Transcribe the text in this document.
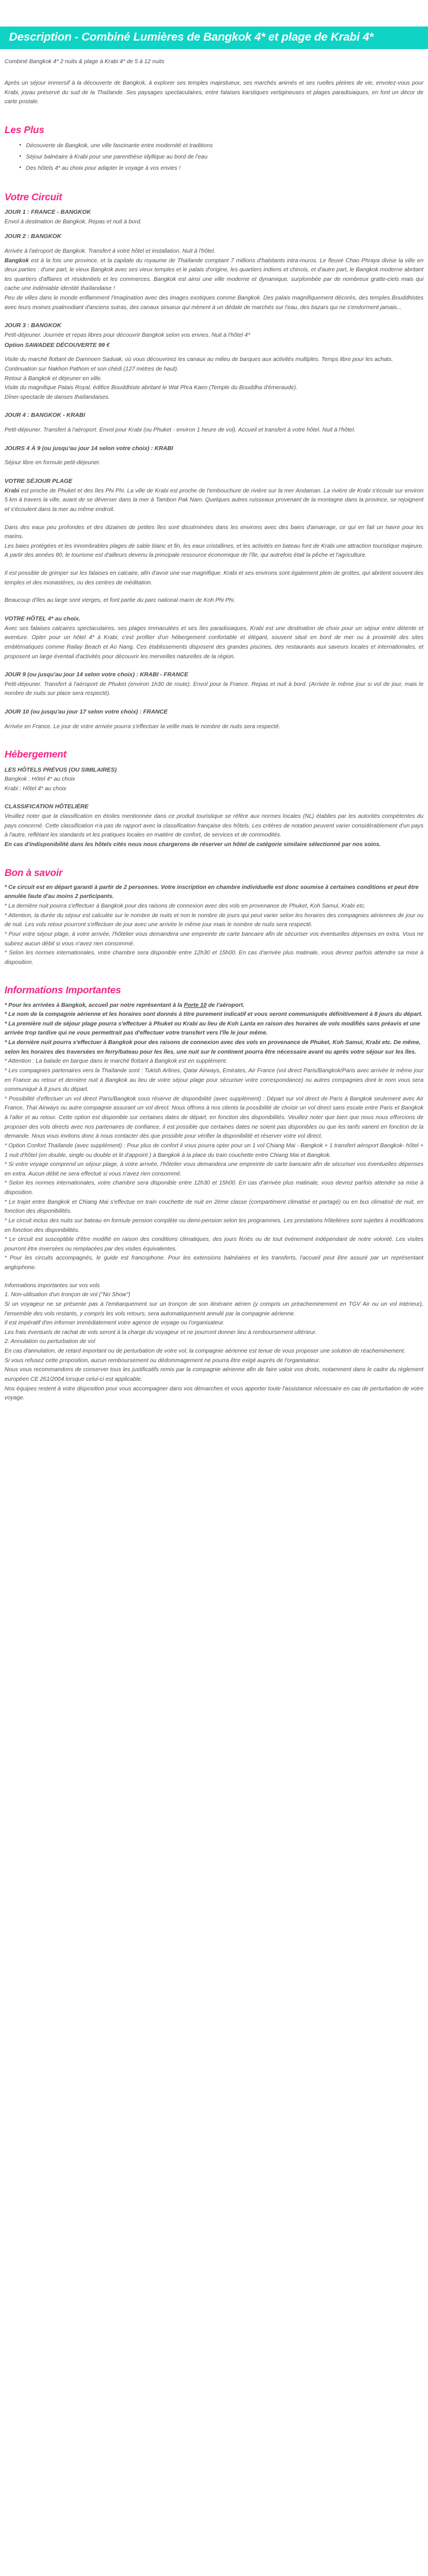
Description - Combiné Lumières de Bangkok 4* et plage de Krabi 4*

Combiné Bangkok 4* 2 nuits & plage à Krabi 4* de 5 à 12 nuits

Après un séjour immersif à la découverte de Bangkok, à explorer ses temples majestueux, ses marchés animés et ses ruelles pleines de vie, envolez-vous pour Krabi, joyau préservé du sud de la Thaïlande. Ses paysages spectaculaires, entre falaises karstiques vertigineuses et plages paradisiaques, en font un décor de carte postale.

Les Plus
• Découverte de Bangkok, une ville fascinante entre modernité et traditions
• Séjour balnéaire à Krabi pour une parenthèse idyllique au bord de l'eau
• Des hôtels 4* au choix pour adapter le voyage à vos envies !
Votre Circuit

JOUR 1 : FRANCE - BANGKOK

Envol à destination de Bangkok. Repas et nuit à bord.

JOUR 2 : BANGKOK

Arrivée à l'aéroport de Bangkok. Transfert à votre hôtel et installation. Nuit à l'hôtel.

Bangkok est à la fois une province, et la capitale du royaume de Thaïlande comptant 7 millions d'habitants intra-muros. Le fleuve Chao Phraya divise la ville en deux parties : d'une part, le vieux Bangkok avec ses vieux temples et le palais d'origine, les quartiers indiens et chinois, et d'autre part, le Bangkok moderne abritant les quartiers d'affaires et résidentiels et les commerces. Bangkok est ainsi une ville moderne et dynamique, surplombée par de nombreux gratte-ciels mais qui cache une indéniable identité thaïlandaise !

Peu de villes dans le monde enflamment l'imagination avec des images exotiques comme Bangkok. Des palais magnifiquement décorés, des temples Bouddhistes avec leurs moines psalmodiant d'anciens sutras, des canaux sinueux qui mènent à un dédale de marchés sur l'eau, des bazars qui ne s'endorment jamais...

JOUR 3 : BANGKOK

Petit-déjeuner. Journée et repas libres pour découvrir Bangkok selon vos envies. Nuit à l'hôtel 4*

Option SAWADEE DÉCOUVERTE 99 €

Visite du marché flottant de Damnoen Saduak, où vous découvrirez les canaux au milieu de barques aux activités multiples. Temps libre pour les achats.

Continuation sur Nakhon Pathom et son chédi (127 mètres de haut).

Retour à Bangkok et déjeuner en ville.

Visite du magnifique Palais Royal, édifice Bouddhiste abritant le Wat Phra Kaeo (Temple du Bouddha d'émeraude).

Dîner-spectacle de danses thaïlandaises.

JOUR 4 : BANGKOK - KRABI

Petit-déjeuner. Transfert à l'aéroport. Envol pour Krabi (ou Phuket - environ 1 heure de vol). Accueil et transfert à votre hôtel. Nuit à l'hôtel.

JOURS 4 À 9 (ou jusqu'au jour 14 selon votre choix) : KRABI

Séjour libre en formule petit-déjeuner.

VOTRE SÉJOUR PLAGE

Krabi est proche de Phuket et des îles Phi Phi. La ville de Krabi est proche de l'embouchure de rivière sur la mer Andaman. La rivière de Krabi s'écoule sur environ 5 km à travers la ville, avant de se déverser dans la mer à Tambon Pak Nam. Quelques autres ruisseaux provenant de la montagne dans la province, se rejoignent et s'écoulent dans la mer au même endroit.

Dans des eaux peu profondes et des dizaines de petites îles sont disséminées dans les environs avec des baies d'amarrage, ce qui en fait un havre pour les marins.

Les baies protégées et les innombrables plages de sable blanc et fin, les eaux cristallines, et les activités en bateau font de Krabi une attraction touristique majeure. A partir des années 80, le tourisme est d'ailleurs devenu la principale ressource économique de l'île, qui autrefois était la pêche et l'agriculture.

Il est possible de grimper sur les falaises en calcaire, afin d'avoir une vue magnifique. Krabi et ses environs sont également plein de grottes, qui abritent souvent des temples et des monastères, ou des centres de méditation.

Beaucoup d'îles au large sont vierges, et font partie du parc national marin de Koh Phi Phi.

VOTRE HÔTEL 4* au choix.

Avec ses falaises calcaires spectaculaires, ses plages immaculées et ses îles paradisiaques, Krabi est une destination de choix pour un séjour entre détente et aventure. Opter pour un hôtel 4* à Krabi, c'est profiter d'un hébergement confortable et élégant, souvent situé en bord de mer ou à proximité des sites emblématiques comme Railay Beach et Ao Nang. Ces établissements disposent des grandes piscines, des restaurants aux saveurs locales et internationales, et proposent un large éventail d'activités pour découvrir les merveilles naturelles de la région.

JOUR 9 (ou jusqu'au jour 14 selon votre choix) : KRABI - FRANCE

Petit-déjeuner. Transfert à l'aéroport de Phuket (environ 1h30 de route). Envol pour la France. Repas et nuit à bord. (Arrivée le même jour si vol de jour, mais le nombre de nuits sur place sera respecté).

JOUR 10 (ou jusqu'au jour 17 selon votre choix) : FRANCE

Arrivée en France. Le jour de votre arrivée pourra s'effectuer la veille mais le nombre de nuits sera respecté.

Hébergement

LES HÔTELS PRÉVUS (OU SIMILAIRES)

Bangkok : Hôtel 4* au choix

Krabi : Hôtel 4* au choix

CLASSIFICATION HÔTELIÈRE

Veuillez noter que la classification en étoiles mentionnée dans ce produit touristique se réfère aux normes locales (NL) établies par les autorités compétentes du pays concerné. Cette classification n'a pas de rapport avec la classification française des hôtels. Les critères de notation peuvent varier considérablement d'un pays à l'autre, reflétant les standards et les pratiques locales en matière de confort, de services et de commodités.

En cas d'indisponibilité dans les hôtels cités nous nous chargerons de réserver un hôtel de catégorie similaire sélectionné par nos soins.

Bon à savoir

* Ce circuit est en départ garanti à partir de 2 personnes. Votre inscription en chambre individuelle est donc soumise à certaines conditions et peut être annulée faute d'au moins 2 participants.

* La dernière nuit pourra s'effectuer à Bangkok pour des raisons de connexion avec des vols en provenance de Phuket, Koh Samui, Krabi etc.

* Attention, la durée du séjour est calculée sur le nombre de nuits et non le nombre de jours qui peut varier selon les horaires des compagnies aériennes de jour ou de nuit. Les vols retour pourront s'effectuer de jour avec une arrivée le même jour mais le nombre de nuits sera respecté.

* Pour votre séjour plage, à votre arrivée, l'hôtelier vous demandera une empreinte de carte bancaire afin de sécuriser vos éventuelles dépenses en extra. Vous ne subirez aucun débit si vous n'avez rien consommé.

* Selon les normes internationales, votre chambre sera disponible entre 12h30 et 15h00. En cas d'arrivée plus matinale, vous devrez parfois attendre sa mise à disposition.

Informations Importantes

* Pour les arrivées à Bangkok, accueil par notre représentant à la Porte 10 de l'aéroport.

* Le nom de la compagnie aérienne et les horaires sont donnés à titre purement indicatif et vous seront communiqués définitivement à 8 jours du départ.

* La première nuit de séjour plage pourra s'effectuer à Phuket ou Krabi au lieu de Koh Lanta en raison des horaires de vols modifiés sans préavis et une arrivée trop tardive qui ne vous permettrait pas d'effectuer votre transfert vers l'île le jour même.

* La dernière nuit pourra s'effectuer à Bangkok pour des raisons de connexion avec des vols en provenance de Phuket, Koh Samui, Krabi etc. De même, selon les horaires des traversées en ferry/bateau pour les îles, une nuit sur le continent pourra être nécessaire avant ou après votre séjour sur les îles.

* Attention : La balade en barque dans le marché flottant à Bangkok est en supplément.

* Les compagnies partenaires vers la Thaïlande sont : Tukish Arlines, Qatar Airways, Emirates, Air France (vol direct Paris/Bangkok/Paris avec arrivée le même jour en France au retour et dernière nuit à Bangkok au lieu de votre séjour plage pour sécuriser votre correspondance) ou autres compagnies dont le nom vous sera communiqué à 8 jours du départ.

* Possibilité d'effectuer un vol direct Paris/Bangkok sous réserve de disponibilité (avec supplément) : Départ sur vol direct de Paris à Bangkok seulement avec Air France, Thaï Airways ou autre compagnie assurant un vol direct. Nous offrons à nos clients la possibilité de choisir un vol direct sans escale entre Paris et Bangkok à l'aller et au retour. Cette option est disponible sur certaines dates de départ, en fonction des disponibilités. Veuillez noter que bien que nous nous efforcions de proposer des vols directs avec nos partenaires de confiance, il est possible que certaines dates ne soient pas disponibles ou que les tarifs varient en fonction de la demande. Nous vous invitons donc à nous contacter dès que possible pour vérifier la disponibilité et réserver votre vol direct.

* Option Confort Thaïlande (avec supplément) : Pour plus de confort il vous pourra opter pour un 1 vol Chiang Mai - Bangkok + 1 transfert aéroport Bangkok- hôtel + 1 nuit d'hôtel (en double, single ou double et lit d'appoint ) à Bangkok à la place du train couchette entre Chiang Mai et Bangkok.

* Si votre voyage comprend un séjour plage, à votre arrivée, l'hôtelier vous demandera une empreinte de carte bancaire afin de sécuriser vos éventuelles dépenses en extra. Aucun débit ne sera effectué si vous n'avez rien consommé.

* Selon les normes internationales, votre chambre sera disponible entre 12h30 et 15h00. En cas d'arrivée plus matinale, vous devrez parfois attendre sa mise à disposition.

* Le trajet entre Bangkok et Chiang Mai s'effectue en train couchette de nuit en 2ème classe (compartiment climatisé et partagé) ou en bus climatisé de nuit, en fonction des disponibilités.

* Le circuit inclus des nuits sur bateau en formule pension complète ou demi-pension selon les programmes. Les prestations hôtelières sont sujettes à modifications en fonction des disponibilités.

* Le circuit est susceptible d'être modifié en raison des conditions climatiques, des jours fériés ou de tout événement indépendant de notre volonté. Les visites pourront être inversées ou remplacées par des visites équivalentes.

* Pour les circuits accompagnés, le guide est francophone. Pour les extensions balnéaires et les transferts, l'accueil peut être assuré par un représentant anglophone.

Informations importantes sur vos vols

1. Non-utilisation d'un tronçon de vol ("No Show")

Si un voyageur ne se présente pas à l'embarquement sur un tronçon de son itinéraire aérien (y compris un préacheminement en TGV Air ou un vol intérieur), l'ensemble des vols restants, y compris les vols retours, sera automatiquement annulé par la compagnie aérienne.

Il est impératif d'en informer immédiatement votre agence de voyage ou l'organisateur.

Les frais éventuels de rachat de vols seront à la charge du voyageur et ne pourront donner lieu à remboursement ultérieur.

2. Annulation ou perturbation de vol

En cas d'annulation, de retard important ou de perturbation de votre vol, la compagnie aérienne est tenue de vous proposer une solution de réacheminement.

Si vous refusez cette proposition, aucun remboursement ou dédommagement ne pourra être exigé auprès de l'organisateur.

Nous vous recommandons de conserver tous les justificatifs remis par la compagnie aérienne afin de faire valoir vos droits, notamment dans le cadre du règlement européen CE 261/2004 lorsque celui-ci est applicable.

Nos équipes restent à votre disposition pour vous accompagner dans vos démarches et vous apporter toute l'assistance nécessaire en cas de perturbation de votre voyage.
